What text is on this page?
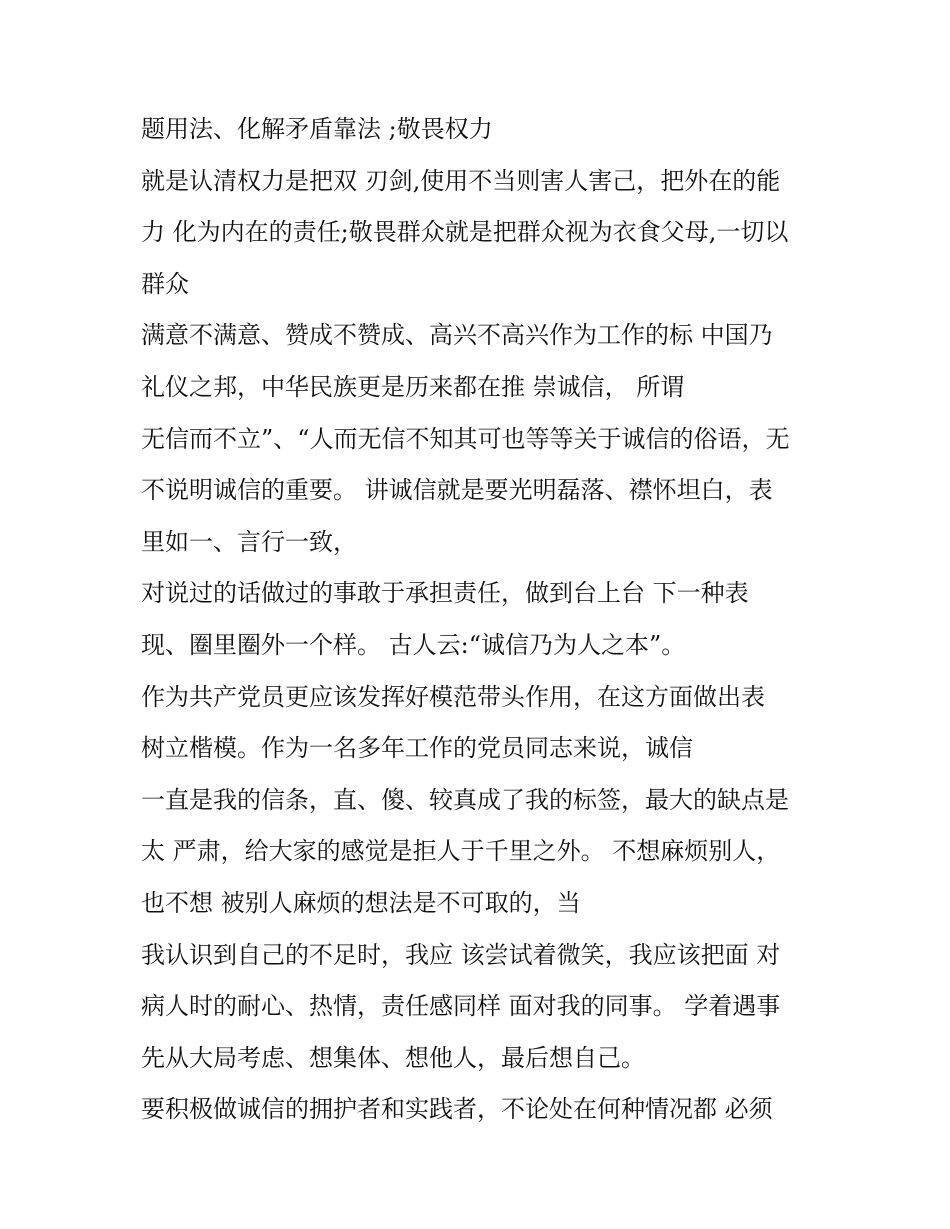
题用法、化解矛盾靠法 ;敬畏权力
就是认清权力是把双 刃剑,使用不当则害人害己，把外在的能
力 化为内在的责任;敬畏群众就是把群众视为衣食父母,一切以
群众
满意不满意、赞成不赞成、高兴不高兴作为工作的标 中国乃
礼仪之邦，中华民族更是历来都在推 崇诚信， 所谓
无信而不立”、“人而无信不知其可也等等关于诚信的俗语，无
不说明诚信的重要。 讲诚信就是要光明磊落、襟怀坦白，表
里如一、言行一致，
对说过的话做过的事敢于承担责任，做到台上台 下一种表
现、圈里圈外一个样。 古人云:“诚信乃为人之本”。
作为共产党员更应该发挥好模范带头作用，在这方面做出表
树立楷模。作为一名多年工作的党员同志来说，诚信
一直是我的信条，直、傻、较真成了我的标签，最大的缺点是
太 严肃，给大家的感觉是拒人于千里之外。 不想麻烦别人，
也不想 被别人麻烦的想法是不可取的，当
我认识到自己的不足时，我应 该尝试着微笑，我应该把面 对
病人时的耐心、热情，责任感同样 面对我的同事。 学着遇事
先从大局考虑、想集体、想他人，最后想自己。
要积极做诚信的拥护者和实践者，不论处在何种情况都 必须
